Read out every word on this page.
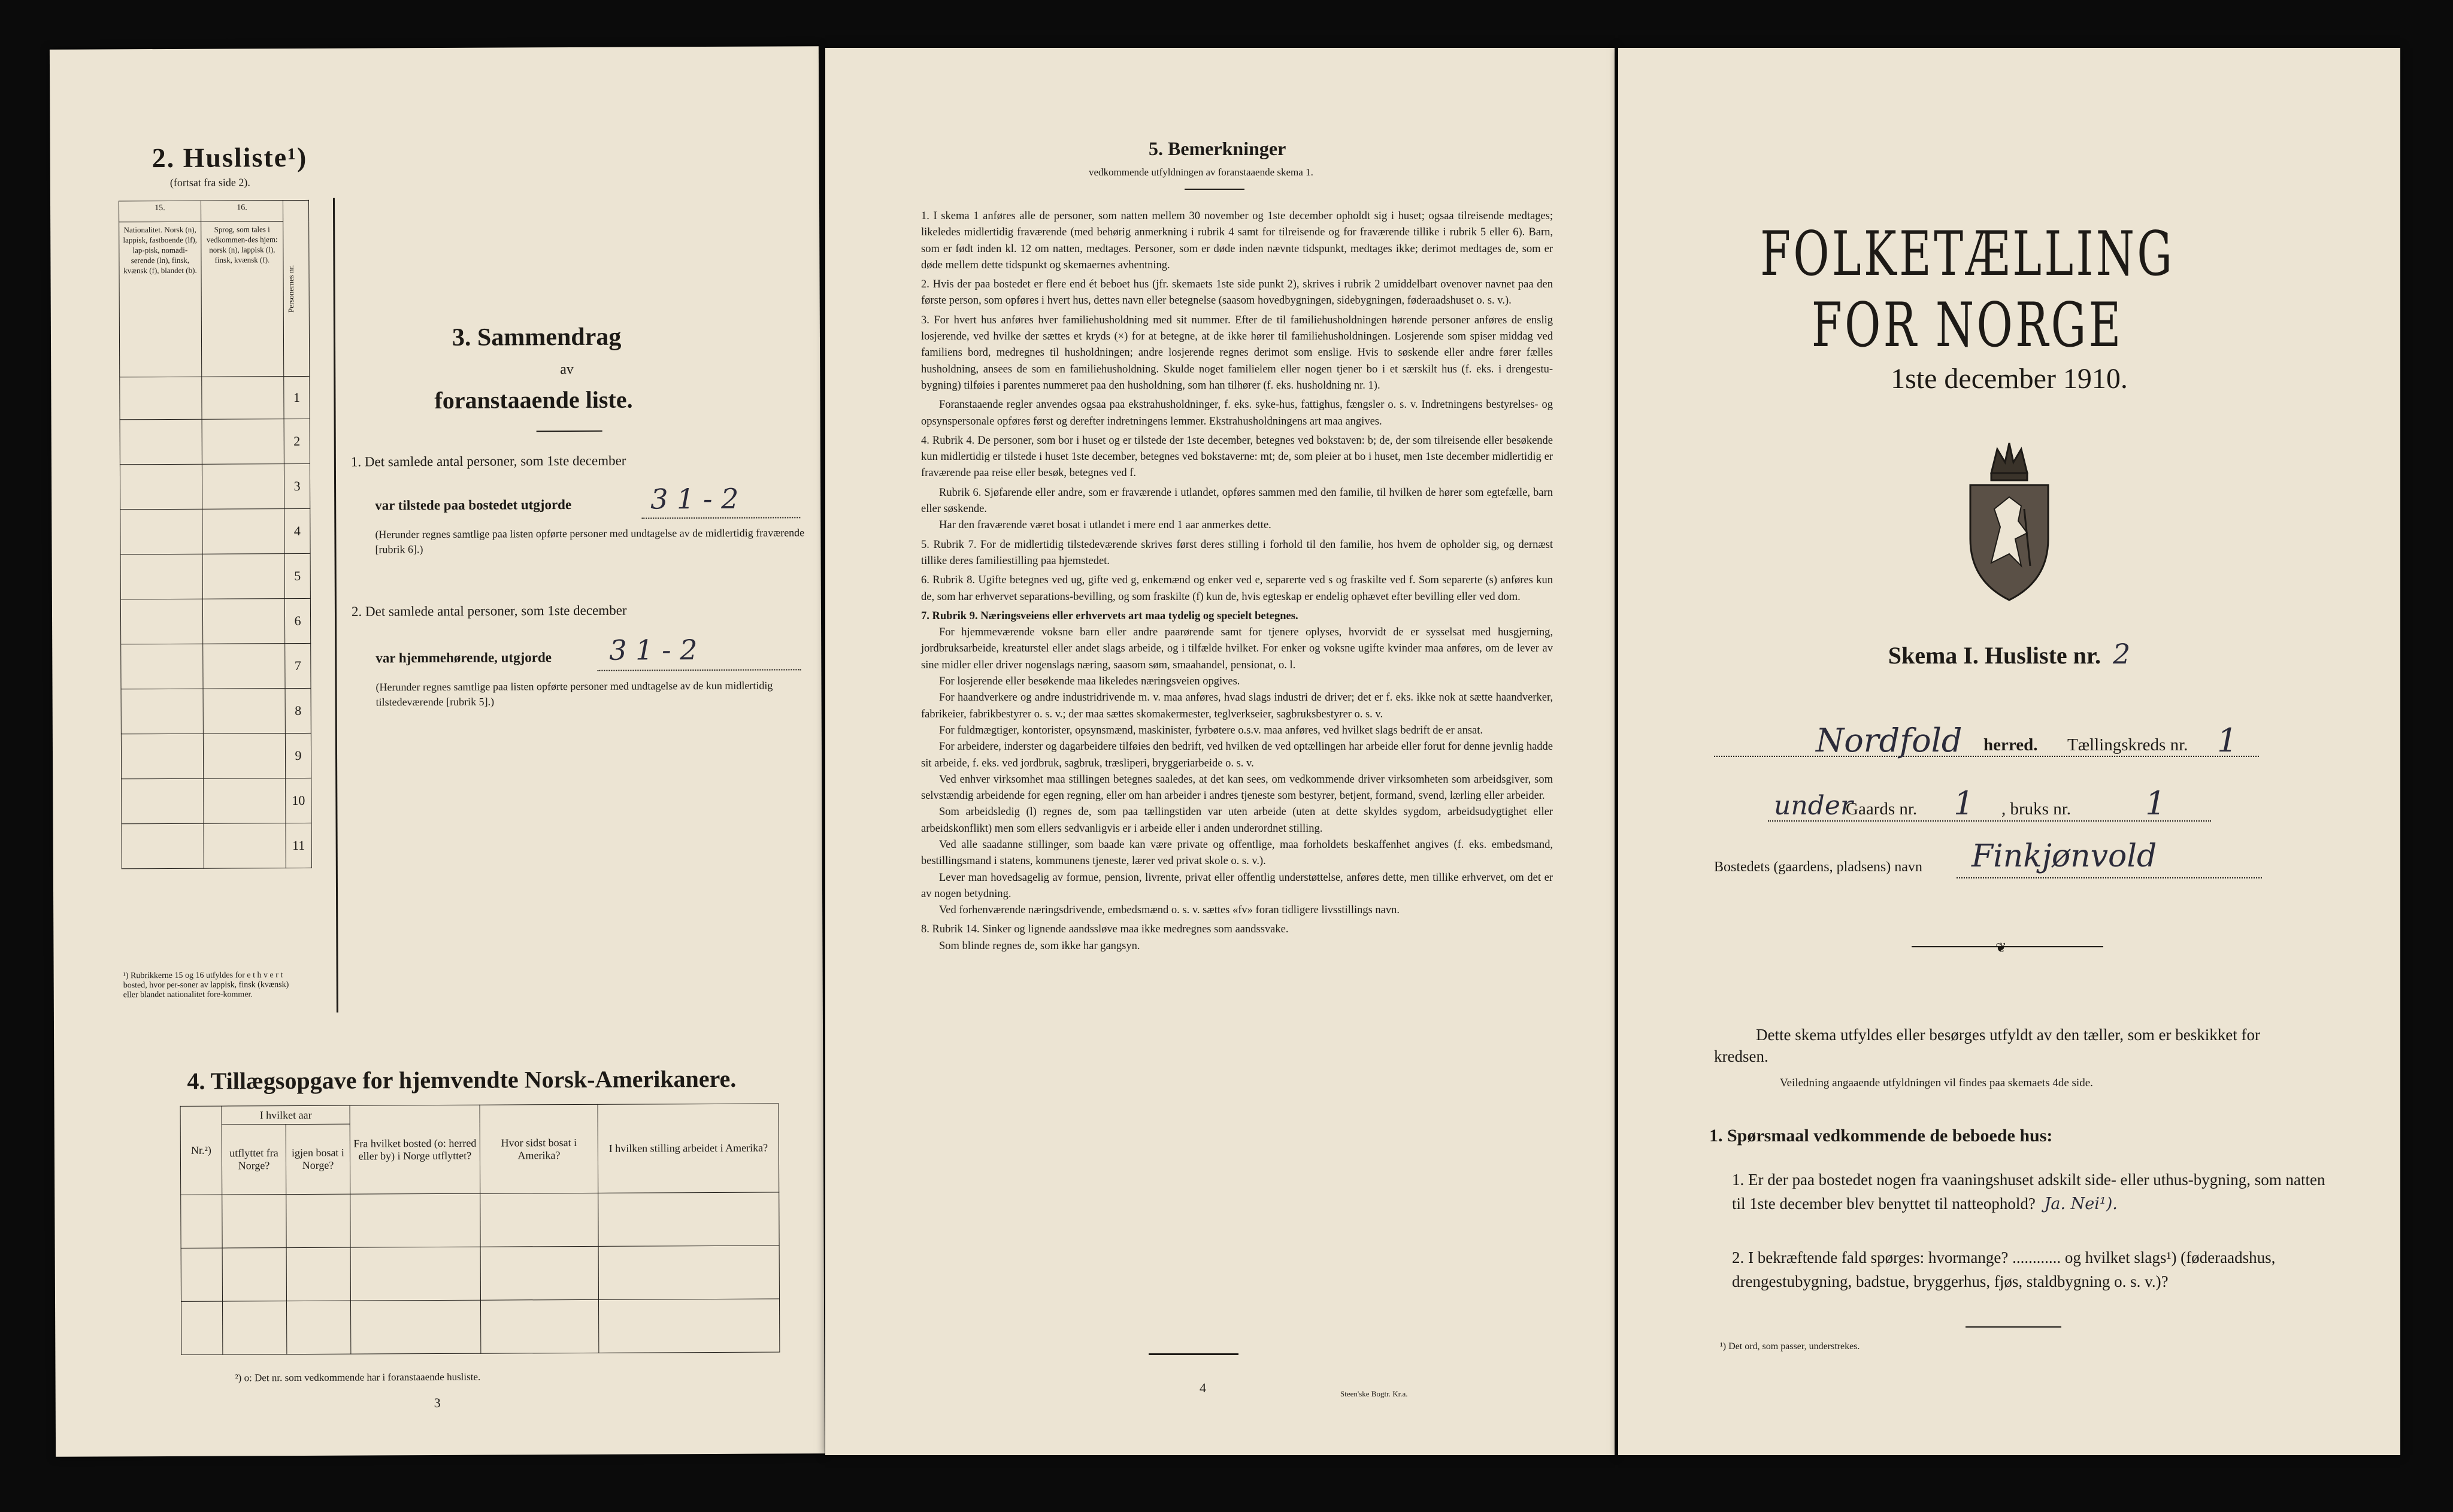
2. Husliste¹)
(fortsat fra side 2).
15.	16.	Personernes nr.
Nationalitet. Norsk (n), lappisk, fastboende (lf), lap-pisk, nomadi-serende (ln), finsk, kvænsk (f), blandet (b).	Sprog, som tales i vedkommen-des hjem: norsk (n), lappisk (l), finsk, kvænsk (f).	
		1
		2
		3
		4
		5
		6
		7
		8
		9
		10
		11
¹) Rubrikkerne 15 og 16 utfyldes for e t h v e r t bosted, hvor per-soner av lappisk, finsk (kvænsk) eller blandet nationalitet fore-kommer.
3. Sammendrag
av
foranstaaende liste.
1. Det samlede antal personer, som 1ste december
var tilstede paa bostedet utgjorde	3 1 - 2
(Herunder regnes samtlige paa listen opførte personer med undtagelse av de midlertidig fraværende [rubrik 6].)
2. Det samlede antal personer, som 1ste december
var hjemmehørende, utgjorde 3 1 - 2
(Herunder regnes samtlige paa listen opførte personer med undtagelse av de kun midlertidig tilstedeværende [rubrik 5].)
4. Tillægsopgave for hjemvendte Norsk-Amerikanere.
Nr.²)	I hvilket aar		Fra hvilket bosted (o: herred eller by) i Norge utflyttet?	Hvor sidst bosat i Amerika?	I hvilken stilling arbeidet i Amerika?
	utflyttet fra Norge?	igjen bosat i Norge?			

²) o: Det nr. som vedkommende har i foranstaaende husliste.
3
5. Bemerkninger
vedkommende utfyldningen av foranstaaende skema 1.

1. I skema 1 anføres alle de personer, som natten mellem 30 november og 1ste december opholdt sig i huset; ogsaa tilreisende medtages; likeledes midlertidig fraværende (med behørig anmerkning i rubrik 4 samt for tilreisende og for fraværende tillike i rubrik 5 eller 6). Barn, som er født inden kl. 12 om natten, medtages. Personer, som er døde inden nævnte tidspunkt, medtages ikke; derimot medtages de, som er døde mellem dette tidspunkt og skemaernes avhentning.

2. Hvis der paa bostedet er flere end ét beboet hus (jfr. skemaets 1ste side punkt 2), skrives i rubrik 2 umiddelbart ovenover navnet paa den første person, som opføres i hvert hus, dettes navn eller betegnelse (saasom hovedbygningen, sidebygningen, føderaadshuset o. s. v.).

3. For hvert hus anføres hver familiehusholdning med sit nummer. Efter de til familiehusholdningen hørende personer anføres de enslig losjerende, ved hvilke der sættes et kryds (×) for at betegne, at de ikke hører til familiehusholdningen. Losjerende som spiser middag ved familiens bord, medregnes til husholdningen; andre losjerende regnes derimot som enslige. Hvis to søskende eller andre fører fælles husholdning, ansees de som en familiehusholdning. Skulde noget familielem eller nogen tjener bo i et særskilt hus (f. eks. i drengestu-bygning) tilføies i parentes nummeret paa den husholdning, som han tilhører (f. eks. husholdning nr. 1).

Foranstaaende regler anvendes ogsaa paa ekstrahusholdninger, f. eks. syke-hus, fattighus, fængsler o. s. v. Indretningens bestyrelses- og opsynspersonale opføres først og derefter indretningens lemmer. Ekstrahusholdningens art maa angives.

4. Rubrik 4. De personer, som bor i huset og er tilstede der 1ste december, betegnes ved bokstaven: b; de, der som tilreisende eller besøkende kun midlertidig er tilstede i huset 1ste december, betegnes ved bokstaverne: mt; de, som pleier at bo i huset, men 1ste december midlertidig er fraværende paa reise eller besøk, betegnes ved f.

Rubrik 6. Sjøfarende eller andre, som er fraværende i utlandet, opføres sammen med den familie, til hvilken de hører som egtefælle, barn eller søskende.

Har den fraværende været bosat i utlandet i mere end 1 aar anmerkes dette.

5. Rubrik 7. For de midlertidig tilstedeværende skrives først deres stilling i forhold til den familie, hos hvem de opholder sig, og dernæst tillike deres familiestilling paa hjemstedet.

6. Rubrik 8. Ugifte betegnes ved ug, gifte ved g, enkemænd og enker ved e, separerte ved s og fraskilte ved f. Som separerte (s) anføres kun de, som har erhvervet separations-bevilling, og som fraskilte (f) kun de, hvis egteskap er endelig ophævet efter bevilling eller ved dom.

7. Rubrik 9. Næringsveiens eller erhvervets art maa tydelig og specielt betegnes.

For hjemmeværende voksne barn eller andre paarørende samt for tjenere oplyses, hvorvidt de er sysselsat med husgjerning, jordbruksarbeide, kreaturstel eller andet slags arbeide, og i tilfælde hvilket. For enker og voksne ugifte kvinder maa anføres, om de lever av sine midler eller driver nogenslags næring, saasom søm, smaahandel, pensionat, o. l.

For losjerende eller besøkende maa likeledes næringsveien opgives.

For haandverkere og andre industridrivende m. v. maa anføres, hvad slags industri de driver; det er f. eks. ikke nok at sætte haandverker, fabrikeier, fabrikbestyrer o. s. v.; der maa sættes skomakermester, teglverkseier, sagbruksbestyrer o. s. v.

For fuldmægtiger, kontorister, opsynsmænd, maskinister, fyrbøtere o.s.v. maa anføres, ved hvilket slags bedrift de er ansat.

For arbeidere, inderster og dagarbeidere tilføies den bedrift, ved hvilken de ved optællingen har arbeide eller forut for denne jevnlig hadde sit arbeide, f. eks. ved jordbruk, sagbruk, træsliperi, bryggeriarbeide o. s. v.

Ved enhver virksomhet maa stillingen betegnes saaledes, at det kan sees, om vedkommende driver virksomheten som arbeidsgiver, som selvstændig arbeidende for egen regning, eller om han arbeider i andres tjeneste som bestyrer, betjent, formand, svend, lærling eller arbeider.

Som arbeidsledig (l) regnes de, som paa tællingstiden var uten arbeide (uten at dette skyldes sygdom, arbeidsudygtighet eller arbeidskonflikt) men som ellers sedvanligvis er i arbeide eller i anden underordnet stilling.

Ved alle saadanne stillinger, som baade kan være private og offentlige, maa forholdets beskaffenhet angives (f. eks. embedsmand, bestillingsmand i statens, kommunens tjeneste, lærer ved privat skole o. s. v.).

Lever man hovedsagelig av formue, pension, livrente, privat eller offentlig understøttelse, anføres dette, men tillike erhvervet, om det er av nogen betydning.

Ved forhenværende næringsdrivende, embedsmænd o. s. v. sættes «fv» foran tidligere livsstillings navn.

8. Rubrik 14. Sinker og lignende aandssløve maa ikke medregnes som aandssvake.

Som blinde regnes de, som ikke har gangsyn.

4	Steen'ske Bogtr. Kr.a.
FOLKETÆLLING FOR NORGE
1ste december 1910.
Skema I. Husliste nr. 2
Nordfold herred. Tællingskreds nr. 1
under
Gaards nr. 1 , bruks nr. 1
Bostedets (gaardens, pladsens) navn Finkjønvold
❦
Dette skema utfyldes eller besørges utfyldt av den tæller, som er beskikket for kredsen.
Veiledning angaaende utfyldningen vil findes paa skemaets 4de side.
1. Spørsmaal vedkommende de beboede hus:
1. Er der paa bostedet nogen fra vaaningshuset adskilt side- eller uthus-bygning, som natten til 1ste december blev benyttet til natteophold? Ja. Nei¹).
2. I bekræftende fald spørges: hvormange? ............ og hvilket slags¹) (føderaadshus, drengestubygning, badstue, bryggerhus, fjøs, staldbygning o. s. v.)?
¹) Det ord, som passer, understrekes.
